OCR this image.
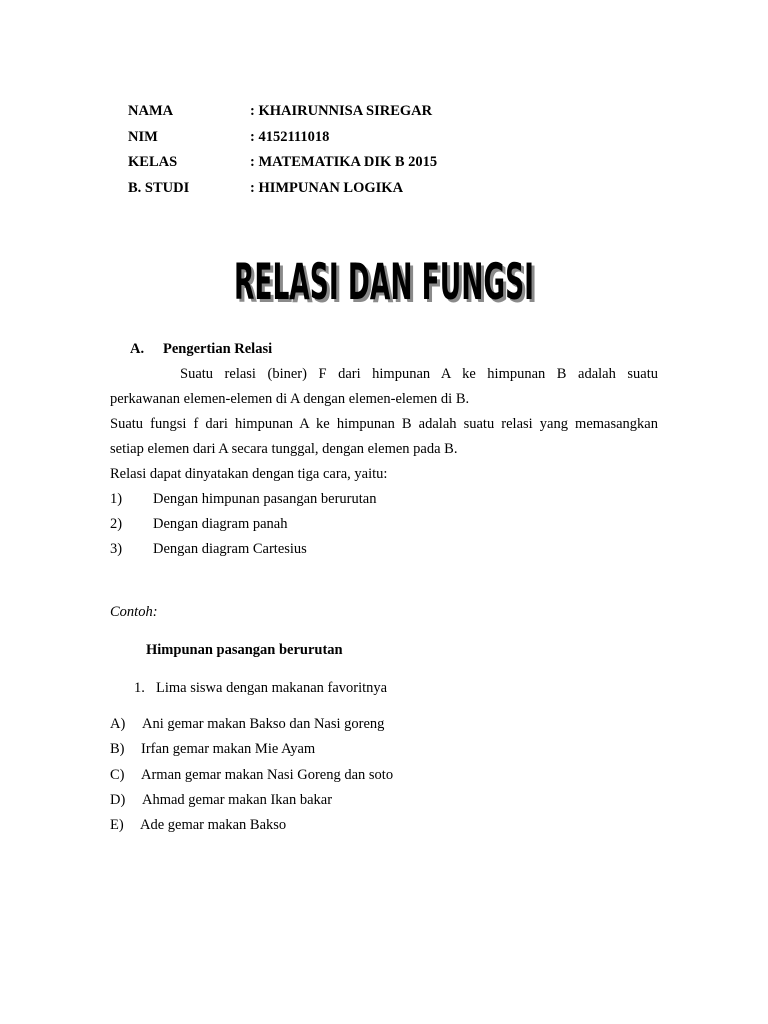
NAMA	: KHAIRUNNISA SIREGAR
NIM	: 4152111018
KELAS	: MATEMATIKA DIK B 2015
B. STUDI	: HIMPUNAN LOGIKA
RELASI DAN FUNGSI
RELASI DAN FUNGSI
A. Pengertian Relasi
Suatu relasi (biner) F dari himpunan A ke himpunan B adalah suatu
perkawanan elemen-elemen di A dengan elemen-elemen di B.
Suatu fungsi f dari himpunan A ke himpunan B adalah suatu relasi yang memasangkan
setiap elemen dari A secara tunggal, dengan elemen pada B.
Relasi dapat dinyatakan dengan tiga cara, yaitu:
1) Dengan himpunan pasangan berurutan
2) Dengan diagram panah
3) Dengan diagram Cartesius
Contoh:
Himpunan pasangan berurutan
1. Lima siswa dengan makanan favoritnya
A) Ani gemar makan Bakso dan Nasi goreng
B) Irfan gemar makan Mie Ayam
C) Arman gemar makan Nasi Goreng dan soto
D) Ahmad gemar makan Ikan bakar
E) Ade gemar makan Bakso
